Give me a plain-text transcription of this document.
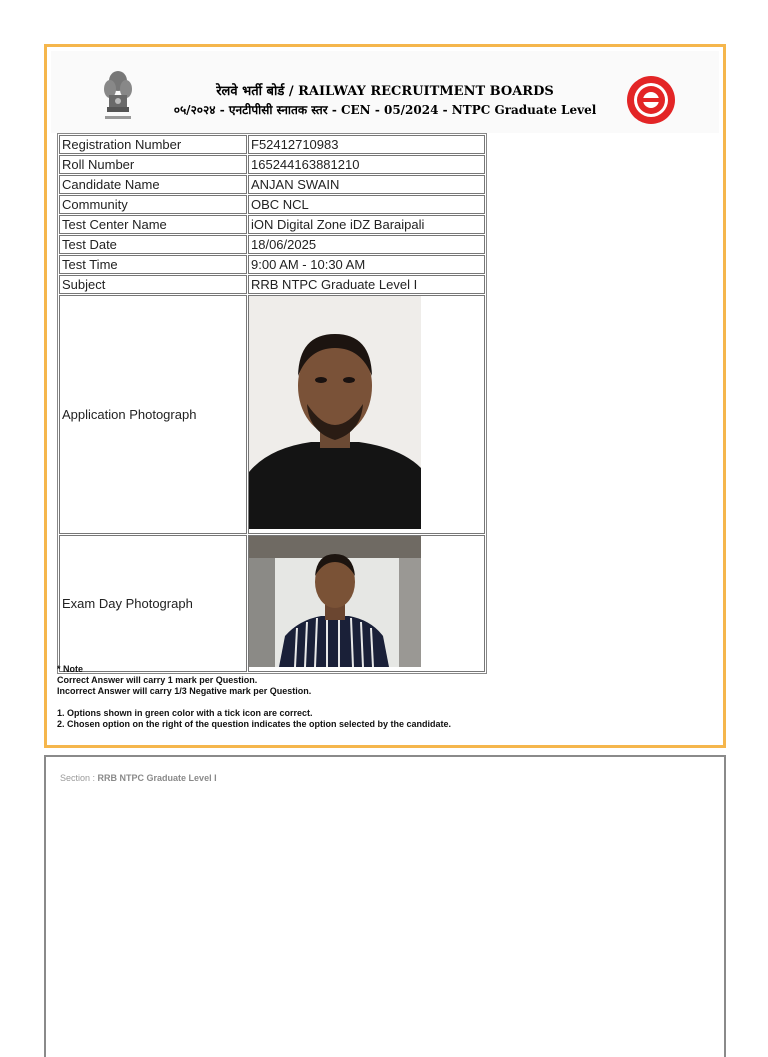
रेलवे भर्ती बोर्ड / RAILWAY RECRUITMENT BOARDS
०५/२०२४ - एनटीपीसी स्नातक स्तर - CEN - 05/2024 - NTPC Graduate Level
Registration Number	F52412710983
Roll Number	165244163881210
Candidate Name	ANJAN SWAIN
Community	OBC NCL
Test Center Name	iON Digital Zone iDZ Baraipali
Test Date	18/06/2025
Test Time	9:00 AM - 10:30 AM
Subject	RRB NTPC Graduate Level I
Application Photograph	
Exam Day Photograph	

* Note

Correct Answer will carry 1 mark per Question.

Incorrect Answer will carry 1/3 Negative mark per Question.

1. Options shown in green color with a tick icon are correct.

2. Chosen option on the right of the question indicates the option selected by the candidate.

Section : RRB NTPC Graduate Level I
